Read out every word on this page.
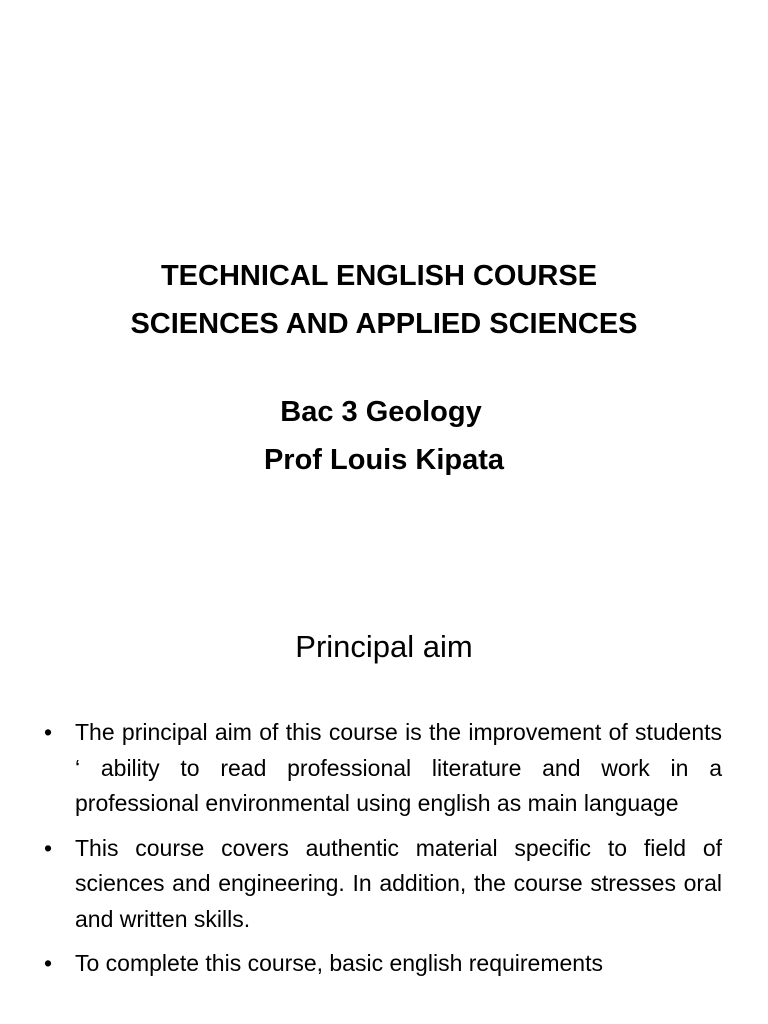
TECHNICAL ENGLISH COURSE
SCIENCES AND APPLIED SCIENCES
Bac 3 Geology
Prof Louis Kipata
Principal aim
• The principal aim of this course is the improvement of students ‘ ability to read professional literature and work in a professional environmental using english as main language
• This course covers authentic material specific to field of sciences and engineering. In addition, the course stresses oral and written skills.
• To complete this course, basic english requirements
